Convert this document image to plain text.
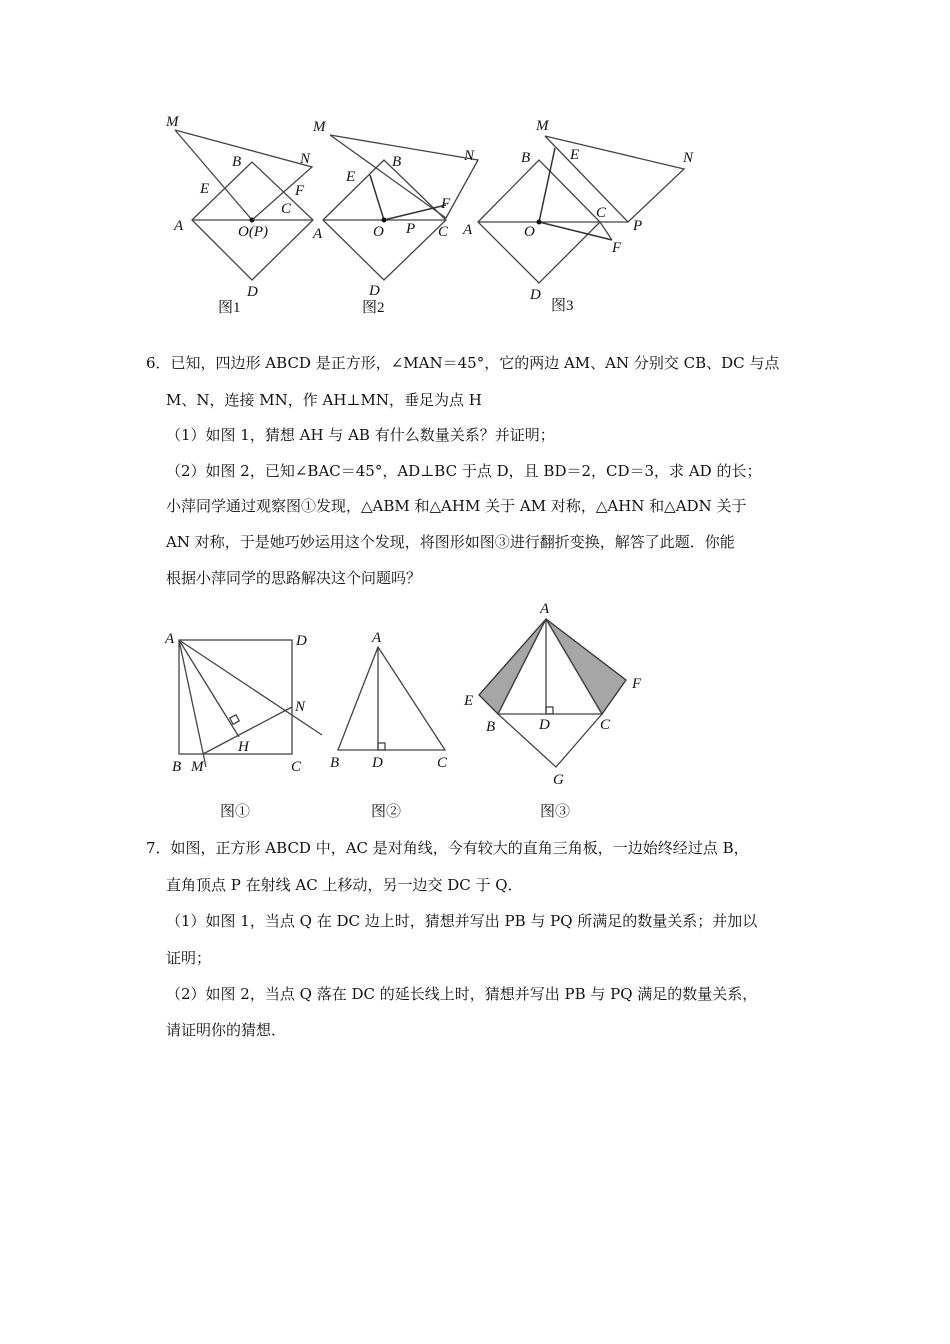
M
B	N
E	F
C
A	O(P)
D
图1
M
B	N
E
F
A	O P C
D
图2
M
B	E	N
A	O
C
P
F
D
图3
6．已知，四边形 ABCD 是正方形，∠MAN＝45°，它的两边 AM、AN 分别交 CB、DC 与点
M、N，连接 MN，作 AH⊥MN，垂足为点 H
（1）如图 1，猜想 AH 与 AB 有什么数量关系？并证明；
（2）如图 2，已知∠BAC＝45°，AD⊥BC 于点 D，且 BD＝2，CD＝3，求 AD 的长；
小萍同学通过观察图①发现，△ABM 和△AHM 关于 AM 对称，△AHN 和△ADN 关于
AN 对称，于是她巧妙运用这个发现，将图形如图③进行翻折变换，解答了此题．你能
根据小萍同学的思路解决这个问题吗？
A	D
N
H
B M	C
图①
A
B D	C
图②
A
E
F
B	D	C
G
图③
7．如图，正方形 ABCD 中，AC 是对角线，今有较大的直角三角板，一边始终经过点 B，
直角顶点 P 在射线 AC 上移动，另一边交 DC 于 Q．
（1）如图 1，当点 Q 在 DC 边上时，猜想并写出 PB 与 PQ 所满足的数量关系；并加以
证明；
（2）如图 2，当点 Q 落在 DC 的延长线上时，猜想并写出 PB 与 PQ 满足的数量关系，
请证明你的猜想．
